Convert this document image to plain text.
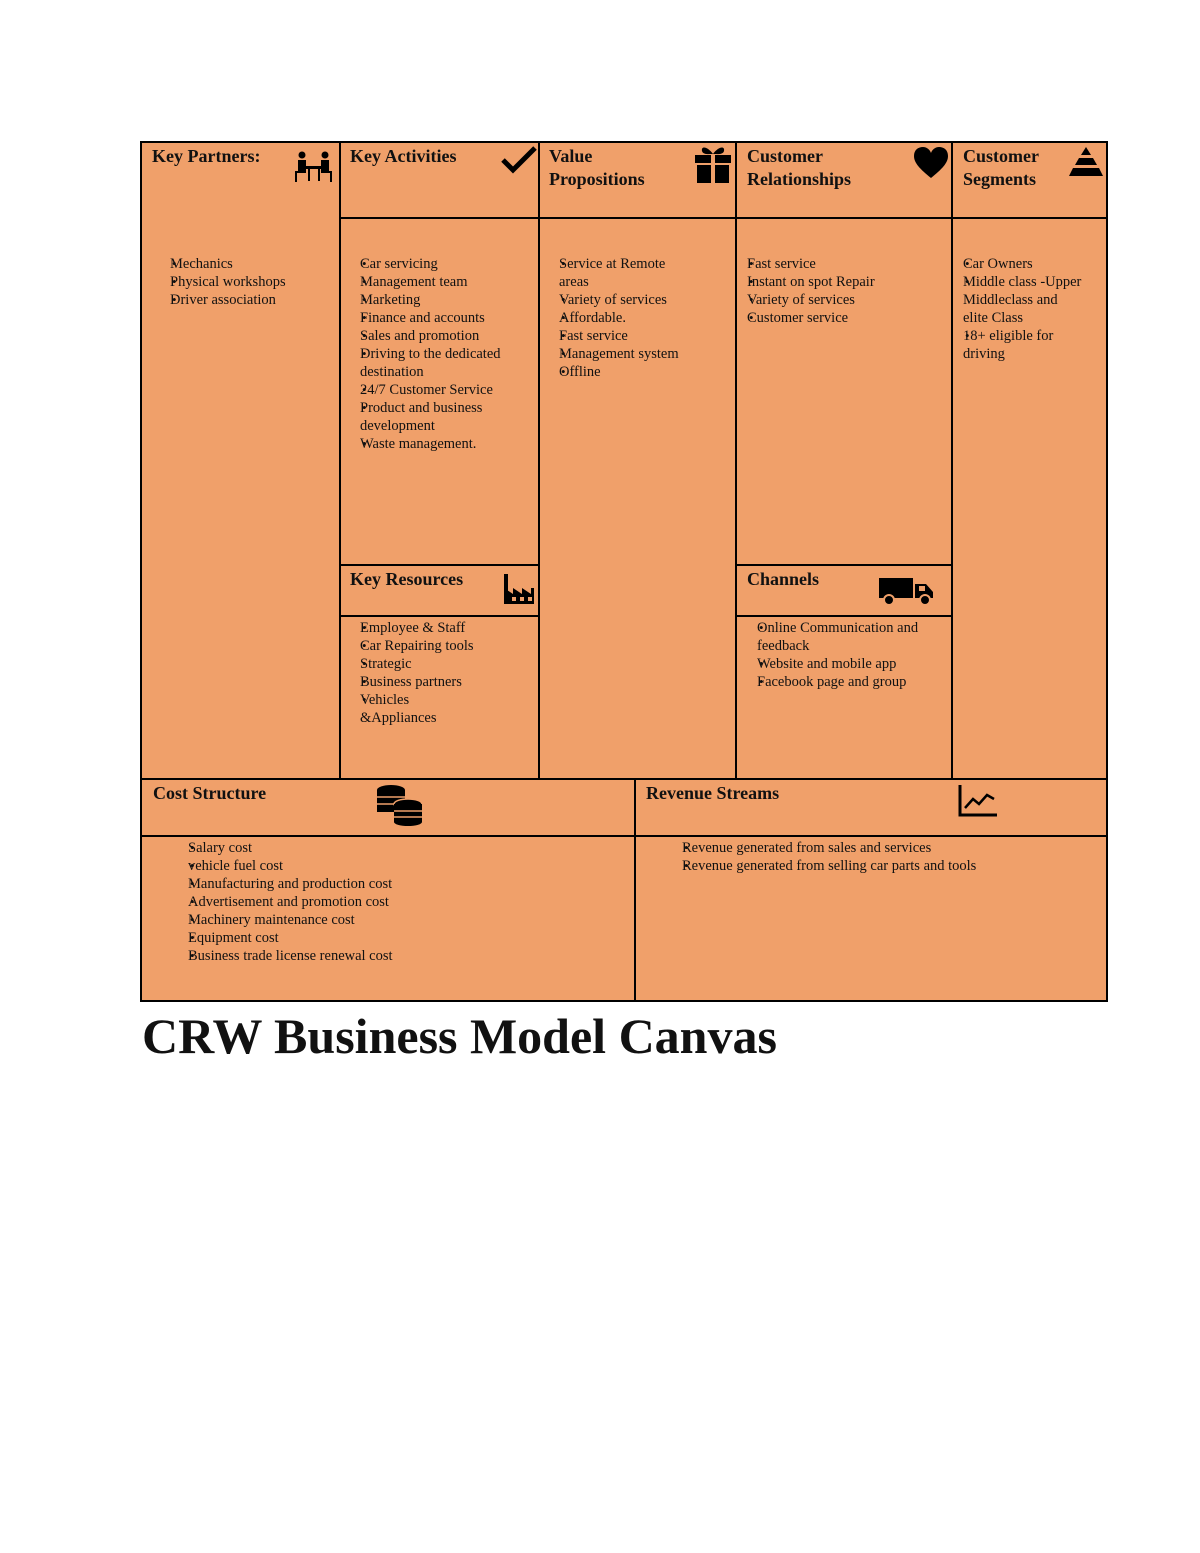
Key Partners:
• Mechanics
• Physical workshops
• Driver association
Key Activities
• Car servicing
• Management team
• Marketing
• Finance and accounts
• Sales and promotion
• Driving to the dedicated destination
• 24/7 Customer Service
• Product and business development
• Waste management.
Value Propositions
• Service at Remote areas
• Variety of services
• Affordable.
• Fast service
• Management system
• Offline
Customer Relationships
• Fast service
• Instant on spot Repair
• Variety of services
• Customer service
Customer Segments
• Car Owners
• Middle class -Upper Middleclass and elite Class
• 18+ eligible for driving
Key Resources
• Employee & Staff
• Car Repairing tools
• Strategic
• Business partners
• Vehicles &Appliances
Channels
• Online Communication and feedback
• Website and mobile app
• Facebook page and group
Cost Structure
• Salary cost
• vehicle fuel cost
• Manufacturing and production cost
• Advertisement and promotion cost
• Machinery maintenance cost
• Equipment cost
• Business trade license renewal cost
Revenue Streams
• Revenue generated from sales and services
• Revenue generated from selling car parts and tools
CRW Business Model Canvas
